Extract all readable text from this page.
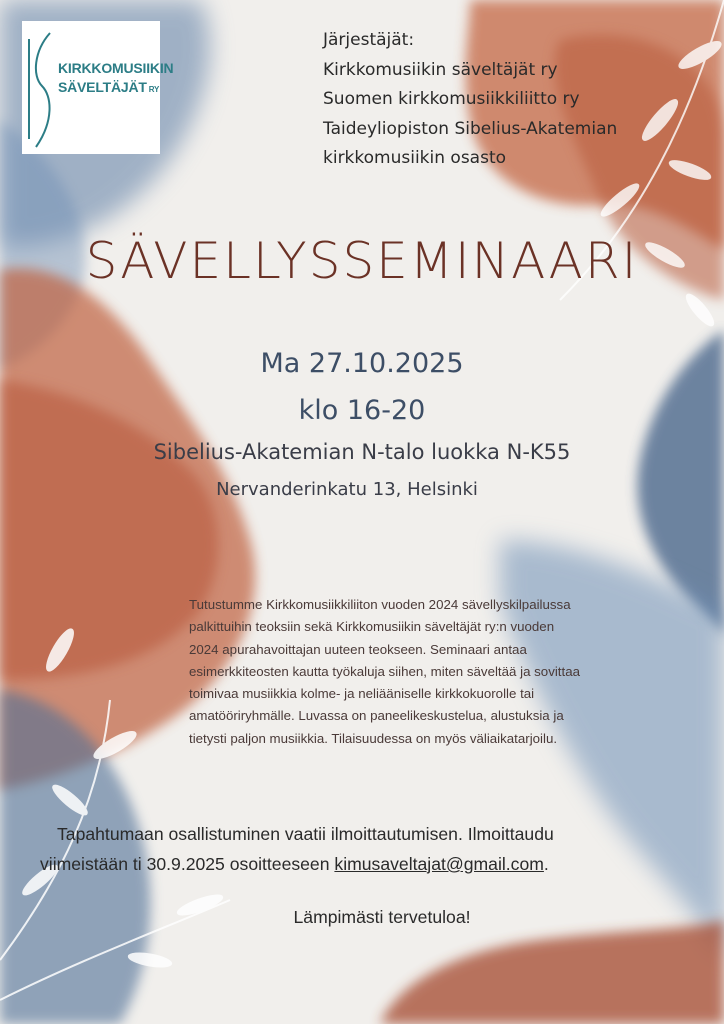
KIRKKOMUSIIKIN
SÄVELTÄJÄT RY
Järjestäjät:
Kirkkomusiikin säveltäjät ry
Suomen kirkkomusiikkiliitto ry
Taideyliopiston Sibelius-Akatemian
kirkkomusiikin osasto
SÄVELLYSSEMINAARI
Ma 27.10.2025
klo 16-20
Sibelius-Akatemian N-talo luokka N-K55
Nervanderinkatu 13, Helsinki
Tutustumme Kirkkomusiikkiliiton vuoden 2024 sävellyskilpailussa
palkittuihin teoksiin sekä Kirkkomusiikin säveltäjät ry:n vuoden
2024 apurahavoittajan uuteen teokseen. Seminaari antaa
esimerkkiteosten kautta työkaluja siihen, miten säveltää ja sovittaa
toimivaa musiikkia kolme- ja neliääniselle kirkkokuorolle tai
amatööriryhmälle. Luvassa on paneelikeskustelua, alustuksia ja
tietysti paljon musiikkia. Tilaisuudessa on myös väliaikatarjoilu.
Tapahtumaan osallistuminen vaatii ilmoittautumisen. Ilmoittaudu
viimeistään ti 30.9.2025 osoitteeseen kimusaveltajat@gmail.com.
Lämpimästi tervetuloa!
